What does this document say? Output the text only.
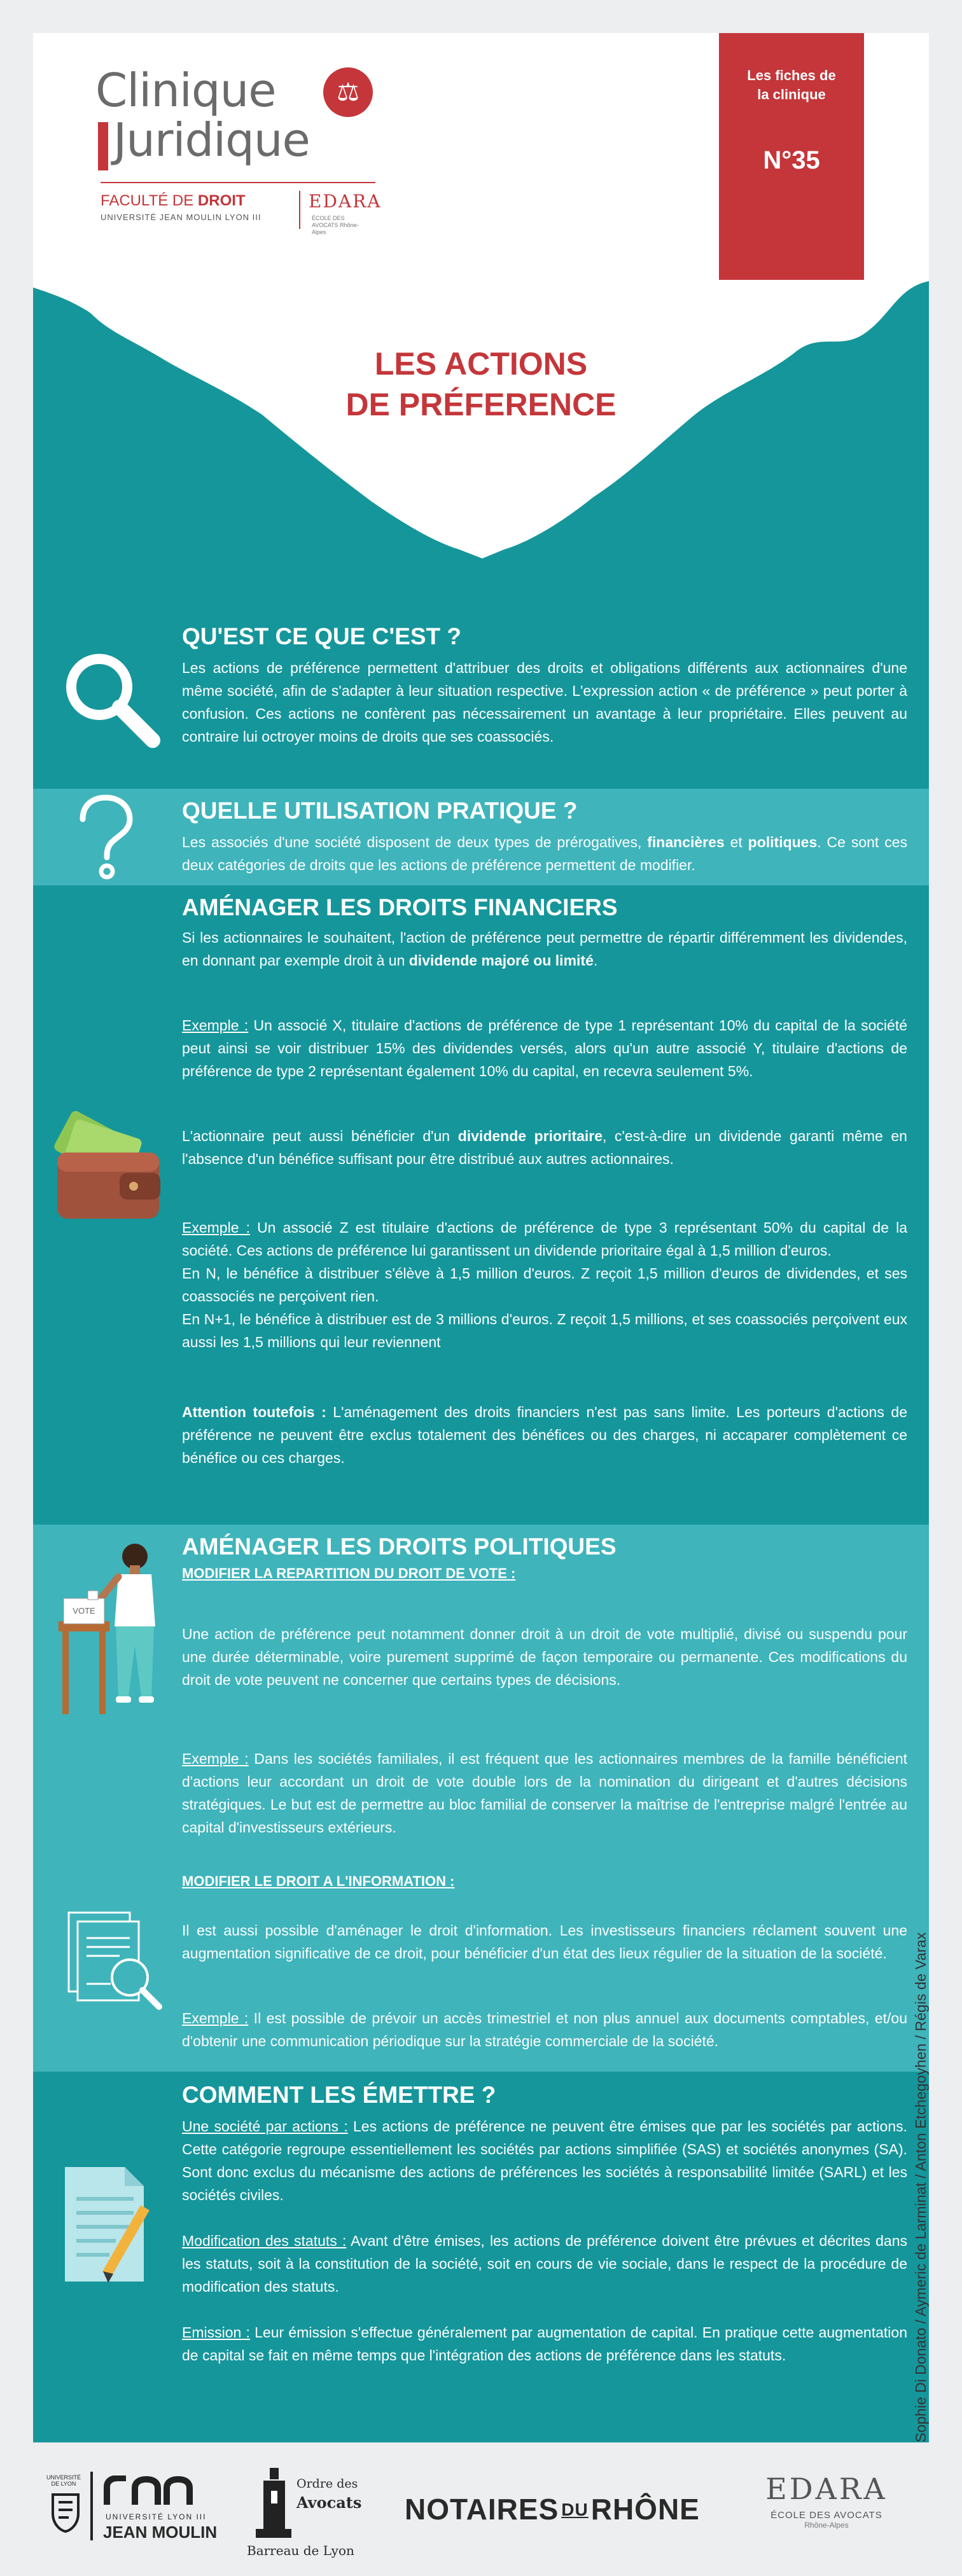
Clinique
Juridique
⚖
FACULTÉ DE DROIT
UNIVERSITÉ JEAN MOULIN LYON III
EDARA
ÉCOLE DES AVOCATS Rhône-Alpes
Les fiches de la clinique
N°35
LES ACTIONS
DE PRÉFERENCE
QU'EST CE QUE C'EST ?
Les actions de préférence permettent d'attribuer des droits et obligations différents aux actionnaires d'une même société, afin de s'adapter à leur situation respective. L'expression action « de préférence » peut porter à confusion. Ces actions ne confèrent pas nécessairement un avantage à leur propriétaire. Elles peuvent au contraire lui octroyer moins de droits que ses coassociés.
QUELLE UTILISATION PRATIQUE ?
Les associés d'une société disposent de deux types de prérogatives, financières et politiques. Ce sont ces deux catégories de droits que les actions de préférence permettent de modifier.
AMÉNAGER LES DROITS FINANCIERS
Si les actionnaires le souhaitent, l'action de préférence peut permettre de répartir différemment les dividendes, en donnant par exemple droit à un dividende majoré ou limité.
Exemple : Un associé X, titulaire d'actions de préférence de type 1 représentant 10% du capital de la société peut ainsi se voir distribuer 15% des dividendes versés, alors qu'un autre associé Y, titulaire d'actions de préférence de type 2 représentant également 10% du capital, en recevra seulement 5%.
L'actionnaire peut aussi bénéficier d'un dividende prioritaire, c'est-à-dire un dividende garanti même en l'absence d'un bénéfice suffisant pour être distribué aux autres actionnaires.
Exemple : Un associé Z est titulaire d'actions de préférence de type 3 représentant 50% du capital de la société. Ces actions de préférence lui garantissent un dividende prioritaire égal à 1,5 million d'euros.
En N, le bénéfice à distribuer s'élève à 1,5 million d'euros. Z reçoit 1,5 million d'euros de dividendes, et ses coassociés ne perçoivent rien.
En N+1, le bénéfice à distribuer est de 3 millions d'euros. Z reçoit 1,5 millions, et ses coassociés perçoivent eux aussi les 1,5 millions qui leur reviennent
Attention toutefois : L'aménagement des droits financiers n'est pas sans limite. Les porteurs d'actions de préférence ne peuvent être exclus totalement des bénéfices ou des charges, ni accaparer complètement ce bénéfice ou ces charges.
AMÉNAGER LES DROITS POLITIQUES
MODIFIER LA REPARTITION DU DROIT DE VOTE :
Une action de préférence peut notamment donner droit à un droit de vote multiplié, divisé ou suspendu pour une durée déterminable, voire purement supprimé de façon temporaire ou permanente. Ces modifications du droit de vote peuvent ne concerner que certains types de décisions.
Exemple : Dans les sociétés familiales, il est fréquent que les actionnaires membres de la famille bénéficient d'actions leur accordant un droit de vote double lors de la nomination du dirigeant et d'autres décisions stratégiques. Le but est de permettre au bloc familial de conserver la maîtrise de l'entreprise malgré l'entrée au capital d'investisseurs extérieurs.
MODIFIER LE DROIT A L'INFORMATION :
Il est aussi possible d'aménager le droit d'information. Les investisseurs financiers réclament souvent une augmentation significative de ce droit, pour bénéficier d'un état des lieux régulier de la situation de la société.
Exemple : Il est possible de prévoir un accès trimestriel et non plus annuel aux documents comptables, et/ou d'obtenir une communication périodique sur la stratégie commerciale de la société.
VOTE
COMMENT LES ÉMETTRE ?
Une société par actions : Les actions de préférence ne peuvent être émises que par les sociétés par actions. Cette catégorie regroupe essentiellement les sociétés par actions simplifiée (SAS) et sociétés anonymes (SA). Sont donc exclus du mécanisme des actions de préférences les sociétés à responsabilité limitée (SARL) et les sociétés civiles.
Modification des statuts : Avant d'être émises, les actions de préférence doivent être prévues et décrites dans les statuts, soit à la constitution de la société, soit en cours de vie sociale, dans le respect de la procédure de modification des statuts.
Emission : Leur émission s'effectue généralement par augmentation de capital. En pratique cette augmentation de capital se fait en même temps que l'intégration des actions de préférence dans les statuts.	Sophie Di Donato / Aymeric de Larminat / Anton Etchegoyhen / Régis de Varax
UNIVERSITÉ DE LYON
UNIVERSITÉ LYON III
JEAN MOULIN
Ordre des
Avocats
Barreau de Lyon
NOTAIRES DURHÔNE
EDARA
ÉCOLE DES AVOCATS
Rhône-Alpes
